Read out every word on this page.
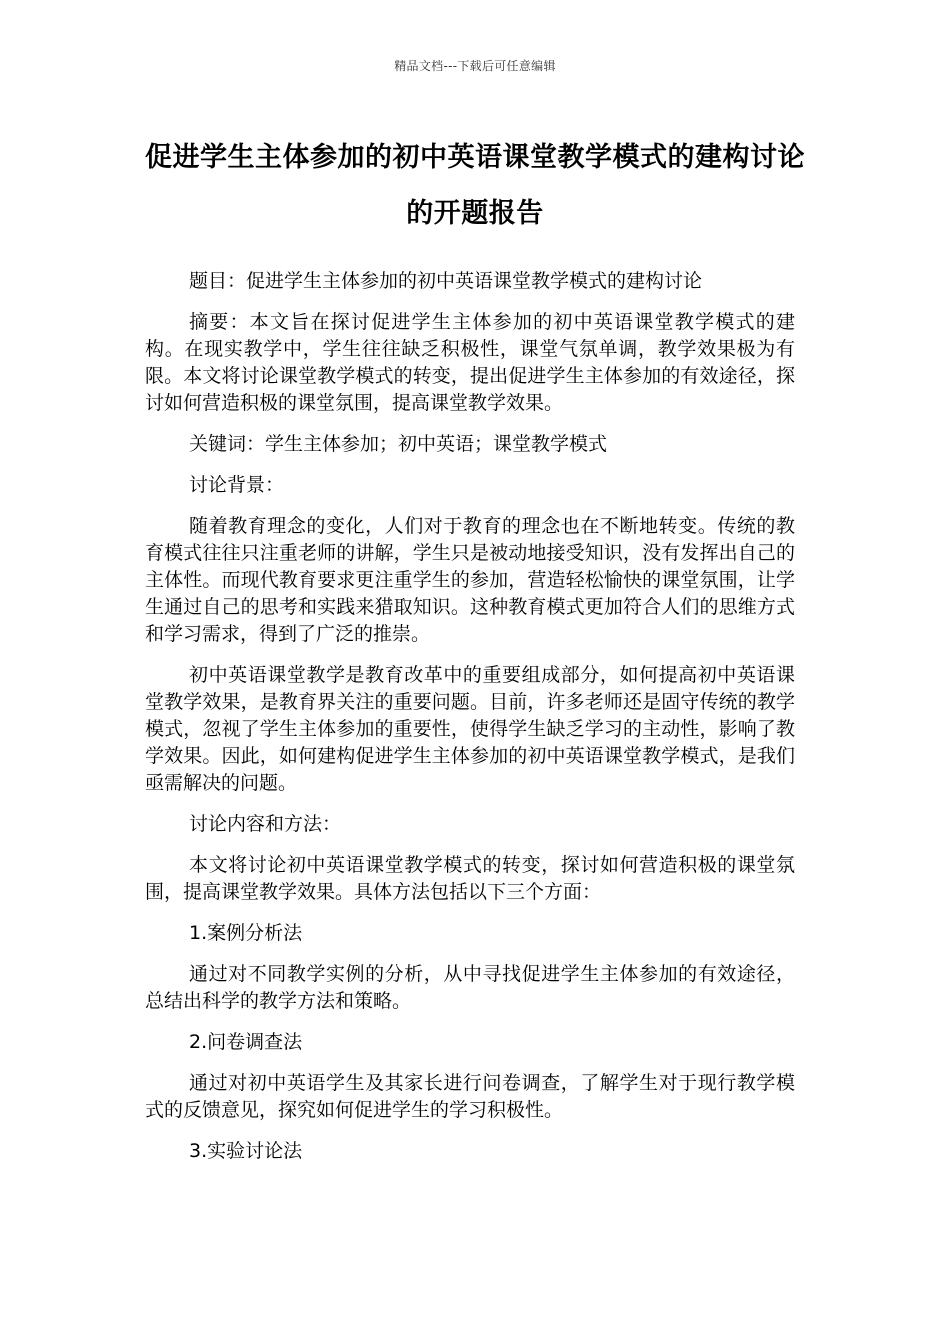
精品文档---下载后可任意编辑
促进学生主体参加的初中英语课堂教学模式的建构讨论的开题报告

题目：促进学生主体参加的初中英语课堂教学模式的建构讨论

摘要：本文旨在探讨促进学生主体参加的初中英语课堂教学模式的建构。在现实教学中，学生往往缺乏积极性，课堂气氛单调，教学效果极为有限。本文将讨论课堂教学模式的转变，提出促进学生主体参加的有效途径，探讨如何营造积极的课堂氛围，提高课堂教学效果。

关键词：学生主体参加；初中英语；课堂教学模式

讨论背景：

随着教育理念的变化，人们对于教育的理念也在不断地转变。传统的教育模式往往只注重老师的讲解，学生只是被动地接受知识，没有发挥出自己的主体性。而现代教育要求更注重学生的参加，营造轻松愉快的课堂氛围，让学生通过自己的思考和实践来猎取知识。这种教育模式更加符合人们的思维方式和学习需求，得到了广泛的推崇。

初中英语课堂教学是教育改革中的重要组成部分，如何提高初中英语课堂教学效果，是教育界关注的重要问题。目前，许多老师还是固守传统的教学模式，忽视了学生主体参加的重要性，使得学生缺乏学习的主动性，影响了教学效果。因此，如何建构促进学生主体参加的初中英语课堂教学模式，是我们亟需解决的问题。

讨论内容和方法：

本文将讨论初中英语课堂教学模式的转变，探讨如何营造积极的课堂氛围，提高课堂教学效果。具体方法包括以下三个方面：

1.案例分析法

通过对不同教学实例的分析，从中寻找促进学生主体参加的有效途径，总结出科学的教学方法和策略。

2.问卷调查法

通过对初中英语学生及其家长进行问卷调查，了解学生对于现行教学模式的反馈意见，探究如何促进学生的学习积极性。

3.实验讨论法
